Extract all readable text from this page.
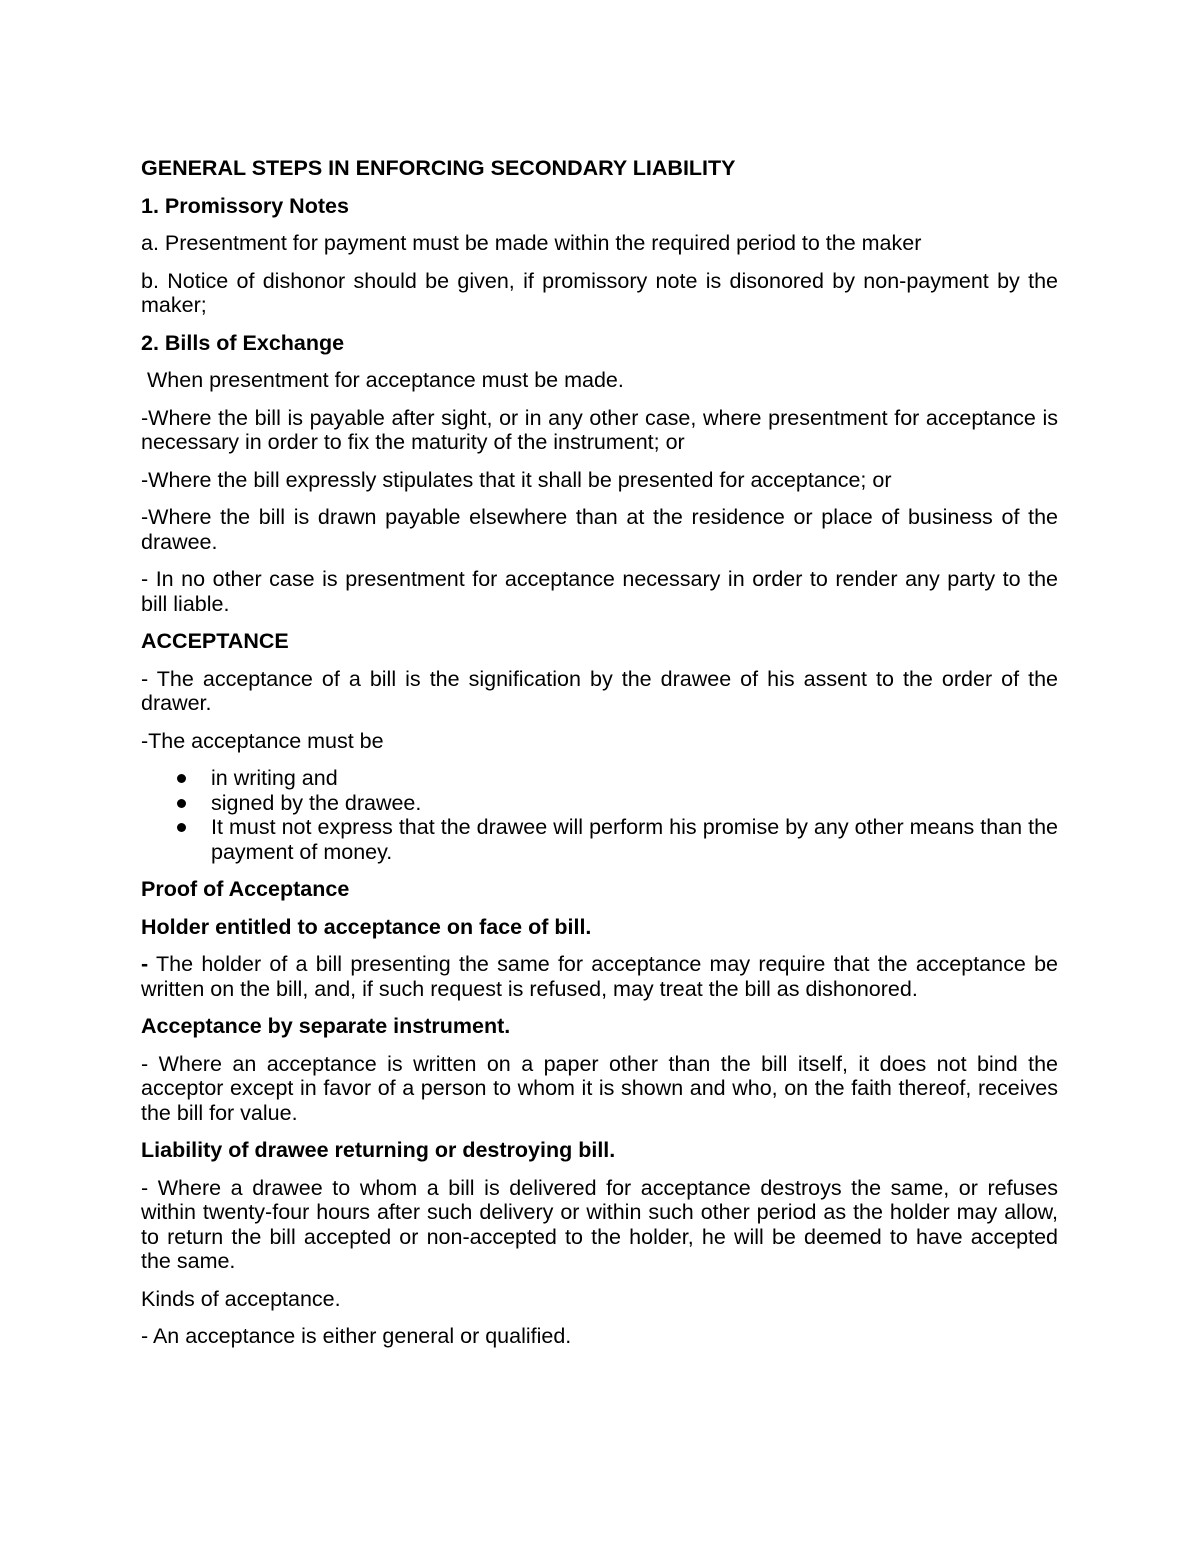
GENERAL STEPS IN ENFORCING SECONDARY LIABILITY

1. Promissory Notes

a. Presentment for payment must be made within the required period to the maker

b. Notice of dishonor should be given, if promissory note is disonored by non-payment by the maker;

2. Bills of Exchange

When presentment for acceptance must be made.

-Where the bill is payable after sight, or in any other case, where presentment for acceptance is necessary in order to fix the maturity of the instrument; or

-Where the bill expressly stipulates that it shall be presented for acceptance; or

-Where the bill is drawn payable elsewhere than at the residence or place of business of the drawee.

- In no other case is presentment for acceptance necessary in order to render any party to the bill liable.

ACCEPTANCE

- The acceptance of a bill is the signification by the drawee of his assent to the order of the drawer.

-The acceptance must be

in writing and
signed by the drawee.
It must not express that the drawee will perform his promise by any other means than the payment of money.

Proof of Acceptance

Holder entitled to acceptance on face of bill.

- The holder of a bill presenting the same for acceptance may require that the acceptance be written on the bill, and, if such request is refused, may treat the bill as dishonored.

Acceptance by separate instrument.

- Where an acceptance is written on a paper other than the bill itself, it does not bind the acceptor except in favor of a person to whom it is shown and who, on the faith thereof, receives the bill for value.

Liability of drawee returning or destroying bill.

- Where a drawee to whom a bill is delivered for acceptance destroys the same, or refuses within twenty-four hours after such delivery or within such other period as the holder may allow, to return the bill accepted or non-accepted to the holder, he will be deemed to have accepted the same.

Kinds of acceptance.

- An acceptance is either general or qualified.
